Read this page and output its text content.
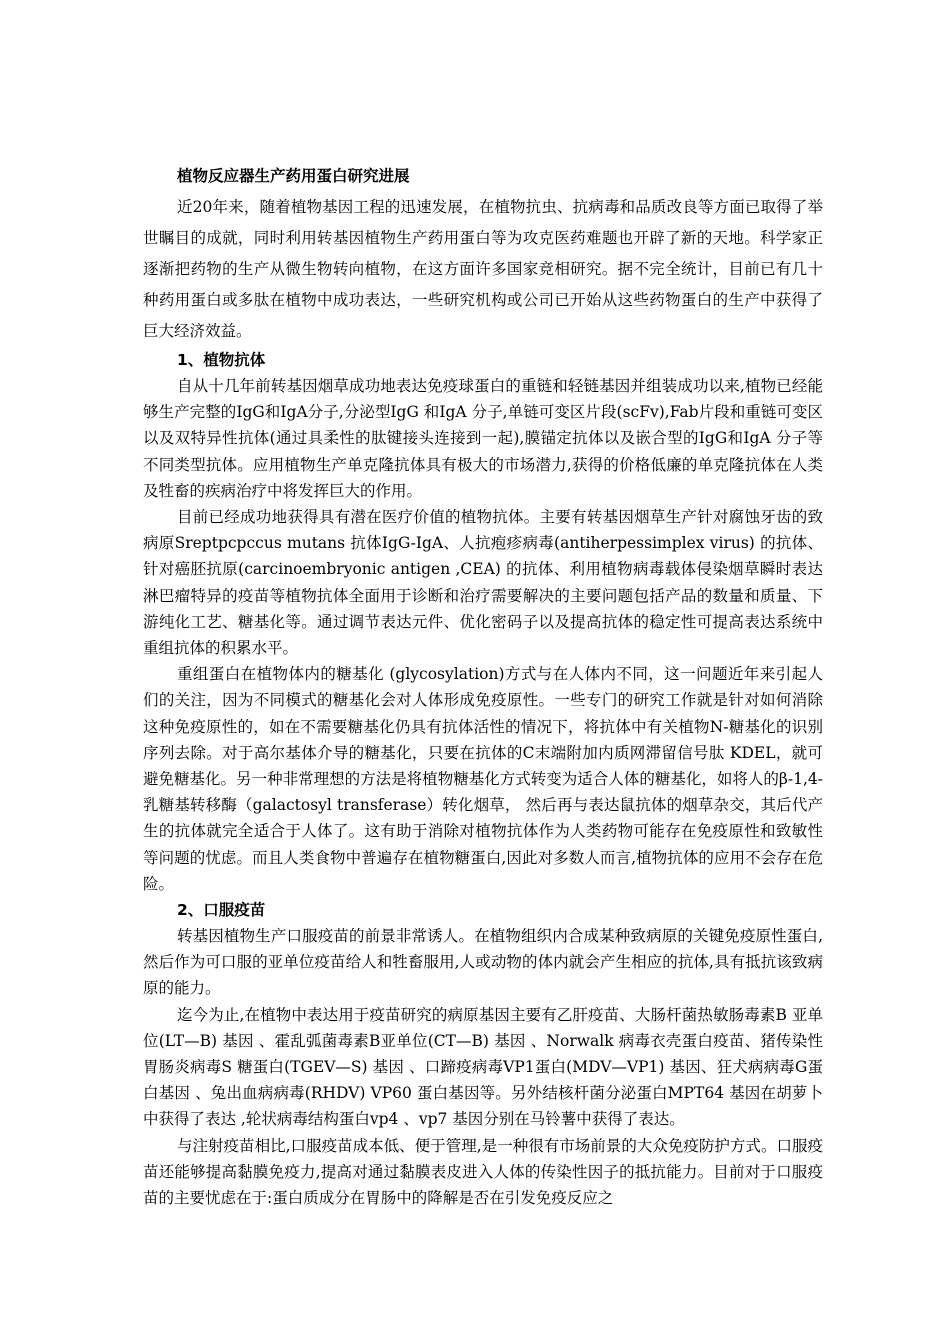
植物反应器生产药用蛋白研究进展

近20年来，随着植物基因工程的迅速发展，在植物抗虫、抗病毒和品质改良等方面已取得了举世瞩目的成就，同时利用转基因植物生产药用蛋白等为攻克医药难题也开辟了新的天地。科学家正逐渐把药物的生产从微生物转向植物，在这方面许多国家竞相研究。据不完全统计，目前已有几十种药用蛋白或多肽在植物中成功表达，一些研究机构或公司已开始从这些药物蛋白的生产中获得了巨大经济效益。

1、植物抗体

自从十几年前转基因烟草成功地表达免疫球蛋白的重链和轻链基因并组装成功以来,植物已经能够生产完整的IgG和IgA分子,分泌型IgG 和IgA 分子,单链可变区片段(scFv),Fab片段和重链可变区以及双特异性抗体(通过具柔性的肽键接头连接到一起),膜锚定抗体以及嵌合型的IgG和IgA 分子等不同类型抗体。应用植物生产单克隆抗体具有极大的市场潜力,获得的价格低廉的单克隆抗体在人类及牲畜的疾病治疗中将发挥巨大的作用。

目前已经成功地获得具有潜在医疗价值的植物抗体。主要有转基因烟草生产针对腐蚀牙齿的致病原Sreptpcpccus mutans 抗体IgG-IgA、人抗疱疹病毒(antiherpessimplex virus) 的抗体、针对癌胚抗原(carcinoembryonic antigen ,CEA) 的抗体、利用植物病毒载体侵染烟草瞬时表达淋巴瘤特异的疫苗等植物抗体全面用于诊断和治疗需要解决的主要问题包括产品的数量和质量、下游纯化工艺、糖基化等。通过调节表达元件、优化密码子以及提高抗体的稳定性可提高表达系统中重组抗体的积累水平。

重组蛋白在植物体内的糖基化 (glycosylation)方式与在人体内不同，这一问题近年来引起人们的关注，因为不同模式的糖基化会对人体形成免疫原性。一些专门的研究工作就是针对如何消除这种免疫原性的，如在不需要糖基化仍具有抗体活性的情况下，将抗体中有关植物N-糖基化的识别序列去除。对于高尔基体介导的糖基化，只要在抗体的C末端附加内质网滞留信号肽 KDEL，就可避免糖基化。另一种非常理想的方法是将植物糖基化方式转变为适合人体的糖基化，如将人的β-1,4-乳糖基转移酶（galactosyl transferase）转化烟草， 然后再与表达鼠抗体的烟草杂交，其后代产生的抗体就完全适合于人体了。这有助于消除对植物抗体作为人类药物可能存在免疫原性和致敏性等问题的忧虑。而且人类食物中普遍存在植物糖蛋白,因此对多数人而言,植物抗体的应用不会存在危险。

2、口服疫苗

转基因植物生产口服疫苗的前景非常诱人。在植物组织内合成某种致病原的关键免疫原性蛋白,然后作为可口服的亚单位疫苗给人和牲畜服用,人或动物的体内就会产生相应的抗体,具有抵抗该致病原的能力。

迄今为止,在植物中表达用于疫苗研究的病原基因主要有乙肝疫苗、大肠杆菌热敏肠毒素B 亚单位(LT—B) 基因 、霍乱弧菌毒素B亚单位(CT—B) 基因 、Norwalk 病毒衣壳蛋白疫苗、猪传染性胃肠炎病毒S 糖蛋白(TGEV—S) 基因 、口蹄疫病毒VP1蛋白(MDV—VP1) 基因、狂犬病病毒G蛋白基因 、兔出血病病毒(RHDV) VP60 蛋白基因等。另外结核杆菌分泌蛋白MPT64 基因在胡萝卜中获得了表达 ,轮状病毒结构蛋白vp4 、vp7 基因分别在马铃薯中获得了表达。

与注射疫苗相比,口服疫苗成本低、便于管理,是一种很有市场前景的大众免疫防护方式。口服疫苗还能够提高黏膜免疫力,提高对通过黏膜表皮进入人体的传染性因子的抵抗能力。目前对于口服疫苗的主要忧虑在于:蛋白质成分在胃肠中的降解是否在引发免疫反应之
